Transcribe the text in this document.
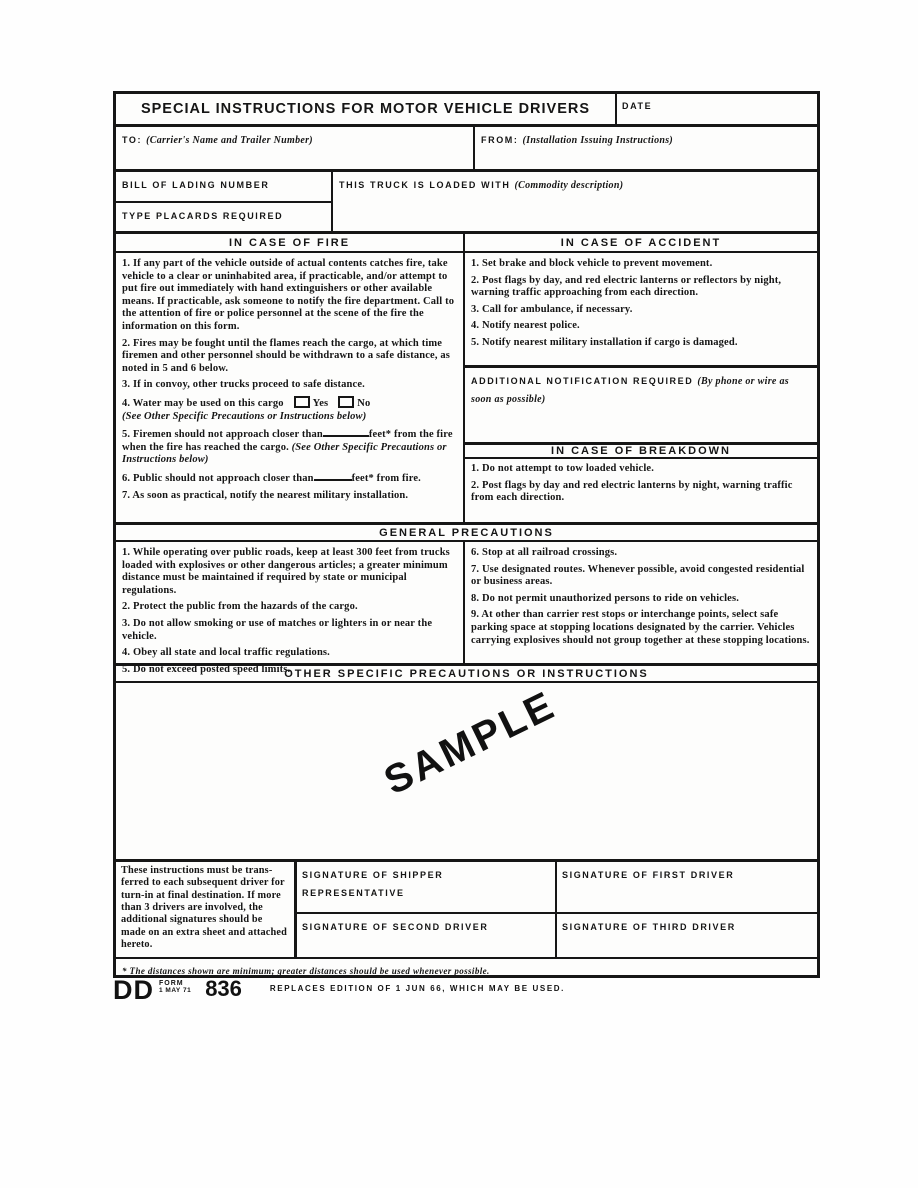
SPECIAL INSTRUCTIONS FOR MOTOR VEHICLE DRIVERS	DATE
TO: (Carrier's Name and Trailer Number)	FROM: (Installation Issuing Instructions)
BILL OF LADING NUMBER
TYPE PLACARDS REQUIRED
THIS TRUCK IS LOADED WITH (Commodity description)
IN CASE OF FIRE

1. If any part of the vehicle outside of actual contents catches fire, take vehicle to a clear or uninhabited area, if practicable, and/or attempt to put fire out immediately with hand extinguishers or other available means. If practicable, ask someone to notify the fire department. Call to the attention of fire or police personnel at the scene of the fire the information on this form.

2. Fires may be fought until the flames reach the cargo, at which time firemen and other personnel should be withdrawn to a safe distance, as noted in 5 and 6 below.

3. If in convoy, other trucks proceed to safe distance.

4. Water may be used on this cargo	Yes	No
(See Other Specific Precautions or Instructions below)

5. Firemen should not approach closer than	feet* from the fire when the fire has reached the cargo. (See Other Specific Precautions or Instructions below)

6. Public should not approach closer than	feet* from fire.

7. As soon as practical, notify the nearest military installation.

IN CASE OF ACCIDENT

1. Set brake and block vehicle to prevent movement.

2. Post flags by day, and red electric lanterns or reflectors by night, warning traffic approaching from each direction.

3. Call for ambulance, if necessary.

4. Notify nearest police.

5. Notify nearest military installation if cargo is damaged.

ADDITIONAL NOTIFICATION REQUIRED (By phone or wire as soon as possible)
IN CASE OF BREAKDOWN

1. Do not attempt to tow loaded vehicle.

2. Post flags by day and red electric lanterns by night, warning traffic from each direction.

GENERAL PRECAUTIONS

1. While operating over public roads, keep at least 300 feet from trucks loaded with explosives or other dangerous articles; a greater minimum distance must be maintained if required by state or municipal regulations.

2. Protect the public from the hazards of the cargo.

3. Do not allow smoking or use of matches or lighters in or near the vehicle.

4. Obey all state and local traffic regulations.

5. Do not exceed posted speed limits.

6. Stop at all railroad crossings.

7. Use designated routes. Whenever possible, avoid congested residential or business areas.

8. Do not permit unauthorized persons to ride on vehicles.

9. At other than carrier rest stops or interchange points, select safe parking space at stopping locations designated by the carrier. Vehicles carrying explosives should not group together at these stopping locations.

OTHER SPECIFIC PRECAUTIONS OR INSTRUCTIONS
SAMPLE

These instructions must be transferred to each subsequent driver for turn-in at final destination. If more than 3 drivers are involved, the additional signatures should be made on an extra sheet and attached hereto.

SIGNATURE OF SHIPPER REPRESENTATIVE
SIGNATURE OF FIRST DRIVER
SIGNATURE OF SECOND DRIVER	SIGNATURE OF THIRD DRIVER
* The distances shown are minimum; greater distances should be used whenever possible.
DD FORM
1 MAY 71 836	REPLACES EDITION OF 1 JUN 66, WHICH MAY BE USED.
